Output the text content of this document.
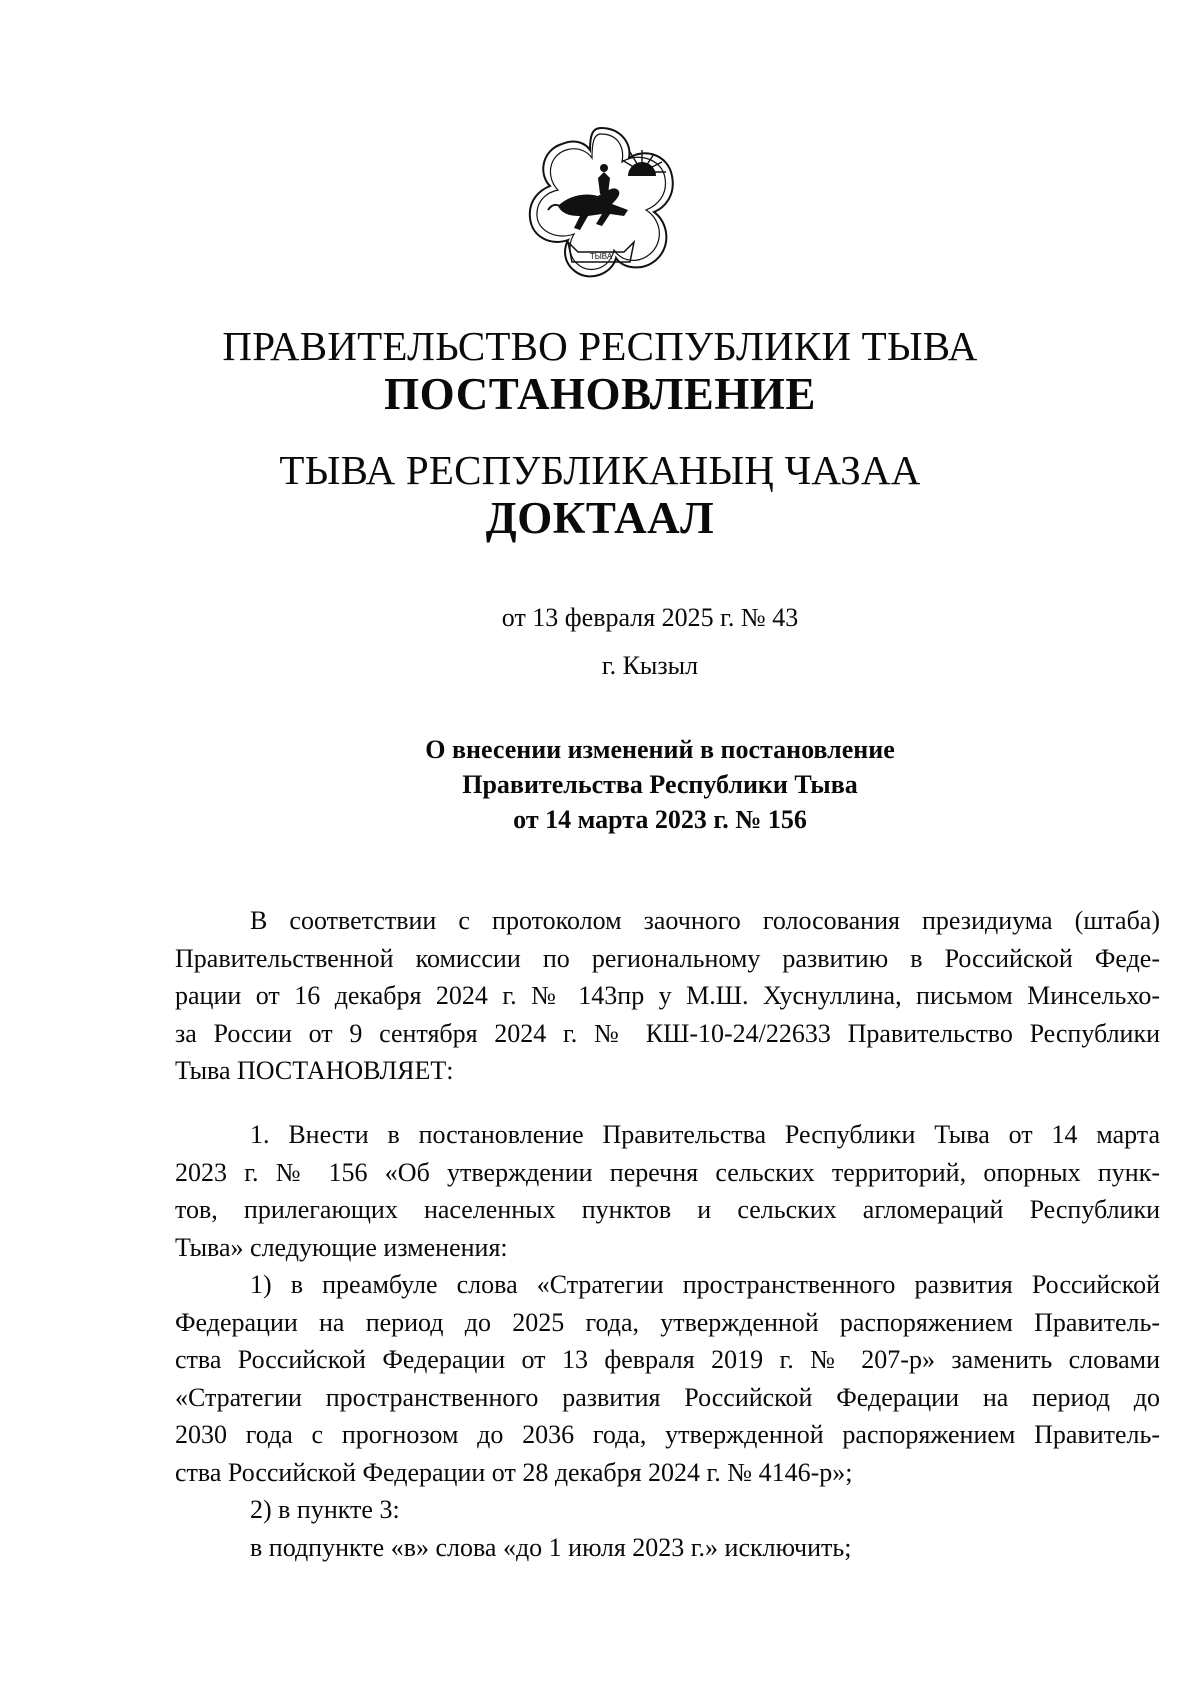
ТЫВА
ПРАВИТЕЛЬСТВО РЕСПУБЛИКИ ТЫВА
ПОСТАНОВЛЕНИЕ
ТЫВА РЕСПУБЛИКАНЫҢ ЧАЗАА
ДОКТААЛ
от 13 февраля 2025 г. № 43
г. Кызыл
О внесении изменений в постановление
Правительства Республики Тыва
от 14 марта 2023 г. № 156
В соответствии с протоколом заочного голосования президиума (штаба)
Правительственной комиссии по региональному развитию в Российской Феде-
рации от 16 декабря 2024 г. № 143пр у М.Ш. Хуснуллина, письмом Минсельхо-
за России от 9 сентября 2024 г. № КШ-10-24/22633 Правительство Республики
Тыва ПОСТАНОВЛЯЕТ:
1. Внести в постановление Правительства Республики Тыва от 14 марта
2023 г. № 156 «Об утверждении перечня сельских территорий, опорных пунк-
тов, прилегающих населенных пунктов и сельских агломераций Республики
Тыва» следующие изменения:
1) в преамбуле слова «Стратегии пространственного развития Российской
Федерации на период до 2025 года, утвержденной распоряжением Правитель-
ства Российской Федерации от 13 февраля 2019 г. № 207-р» заменить словами
«Стратегии пространственного развития Российской Федерации на период до
2030 года с прогнозом до 2036 года, утвержденной распоряжением Правитель-
ства Российской Федерации от 28 декабря 2024 г. № 4146-р»;
2) в пункте 3:
в подпункте «в» слова «до 1 июля 2023 г.» исключить;
